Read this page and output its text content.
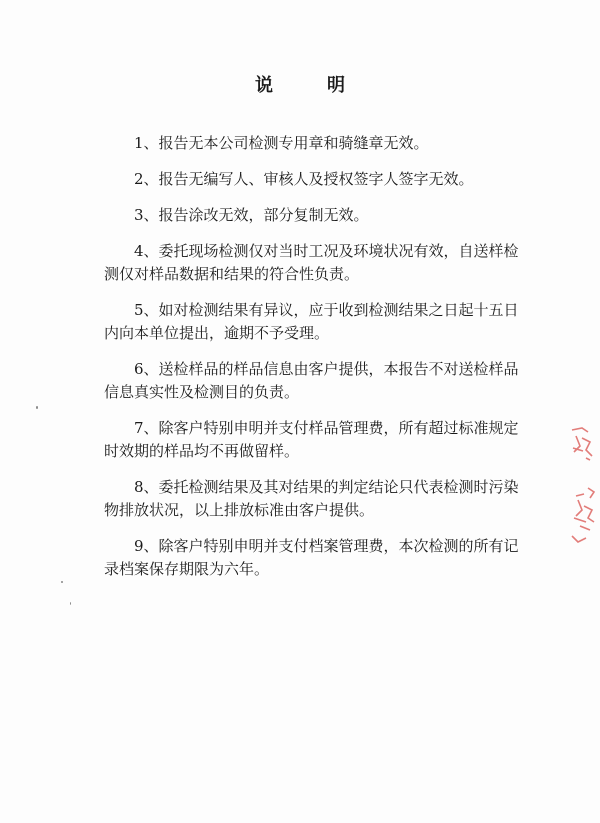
说	明
1、报告无本公司检测专用章和骑缝章无效。
2、报告无编写人、审核人及授权签字人签字无效。
3、报告涂改无效，部分复制无效。
4、委托现场检测仅对当时工况及环境状况有效，自送样检
测仅对样品数据和结果的符合性负责。
5、如对检测结果有异议，应于收到检测结果之日起十五日
内向本单位提出，逾期不予受理。
6、送检样品的样品信息由客户提供，本报告不对送检样品
信息真实性及检测目的负责。
7、除客户特别申明并支付样品管理费，所有超过标准规定
时效期的样品均不再做留样。
8、委托检测结果及其对结果的判定结论只代表检测时污染
物排放状况，以上排放标准由客户提供。
9、除客户特别申明并支付档案管理费，本次检测的所有记
录档案保存期限为六年。
